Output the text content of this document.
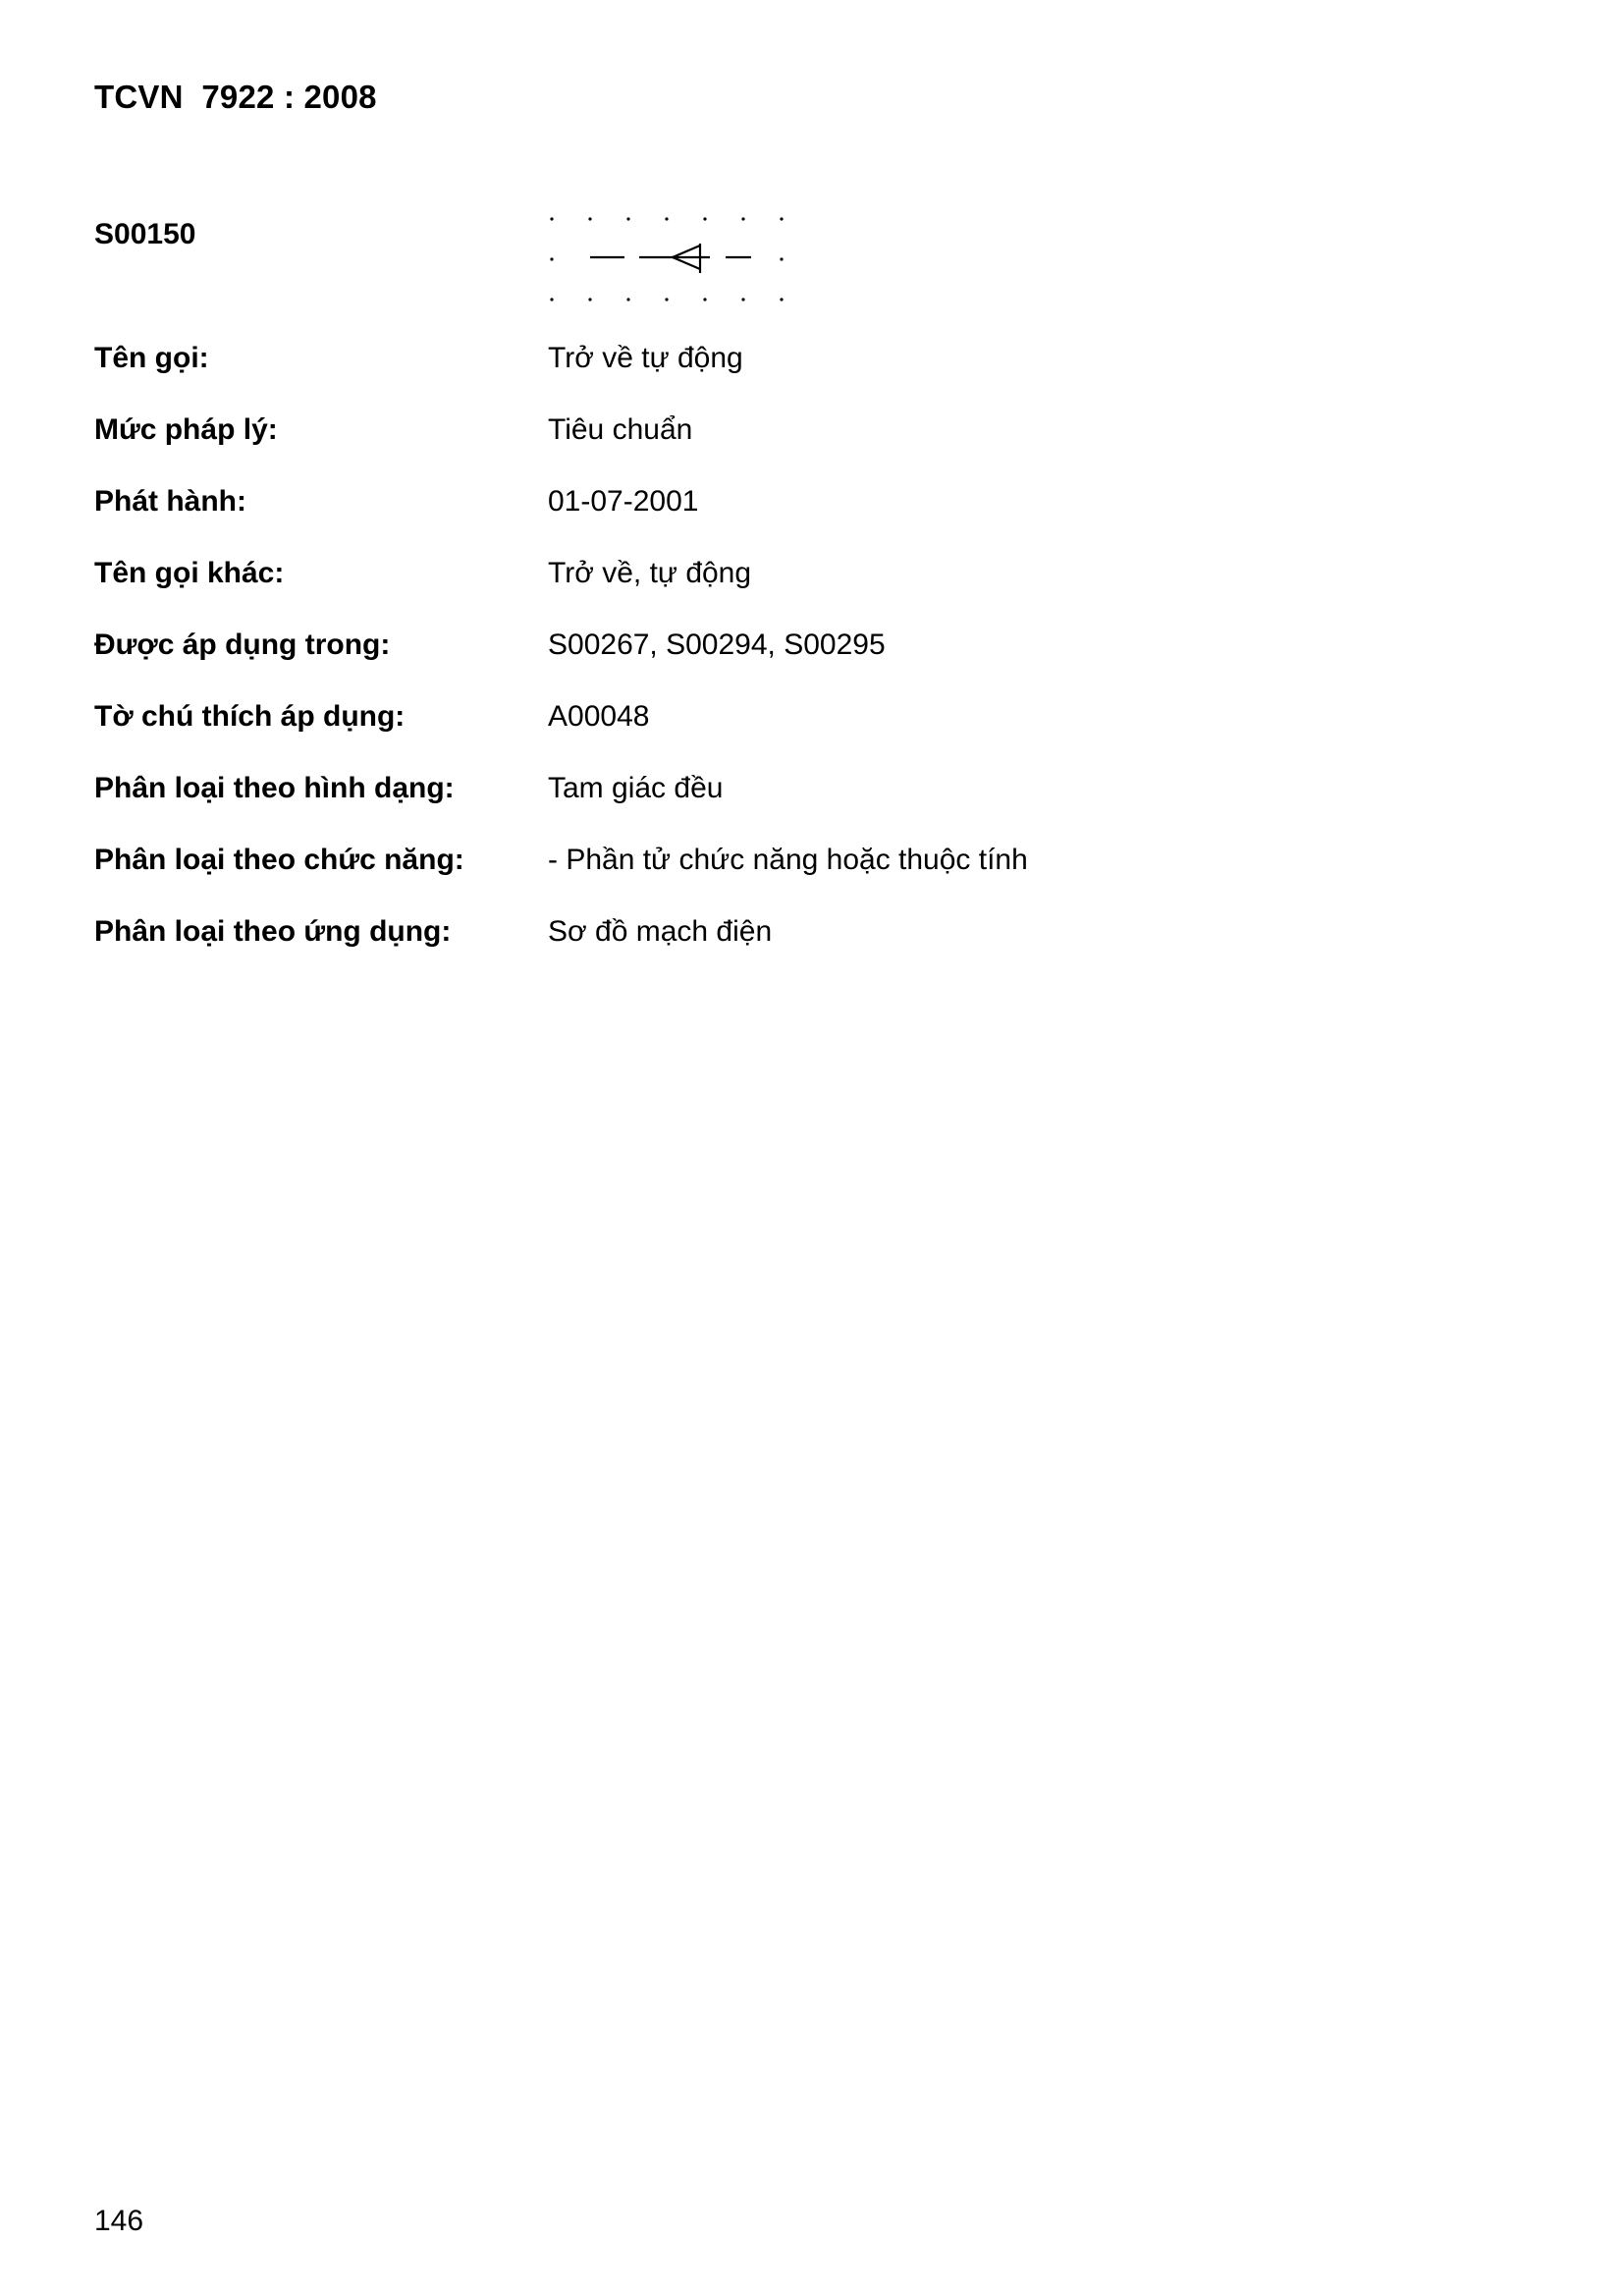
TCVN  7922 : 2008
S00150
Tên gọi:	Trở về tự động
Mức pháp lý:	Tiêu chuẩn
Phát hành:	01-07-2001
Tên gọi khác:	Trở về, tự động
Được áp dụng trong:	S00267, S00294, S00295
Tờ chú thích áp dụng:	A00048
Phân loại theo hình dạng:	Tam giác đều
Phân loại theo chức năng:	- Phần tử chức năng hoặc thuộc tính
Phân loại theo ứng dụng:	Sơ đồ mạch điện
146
